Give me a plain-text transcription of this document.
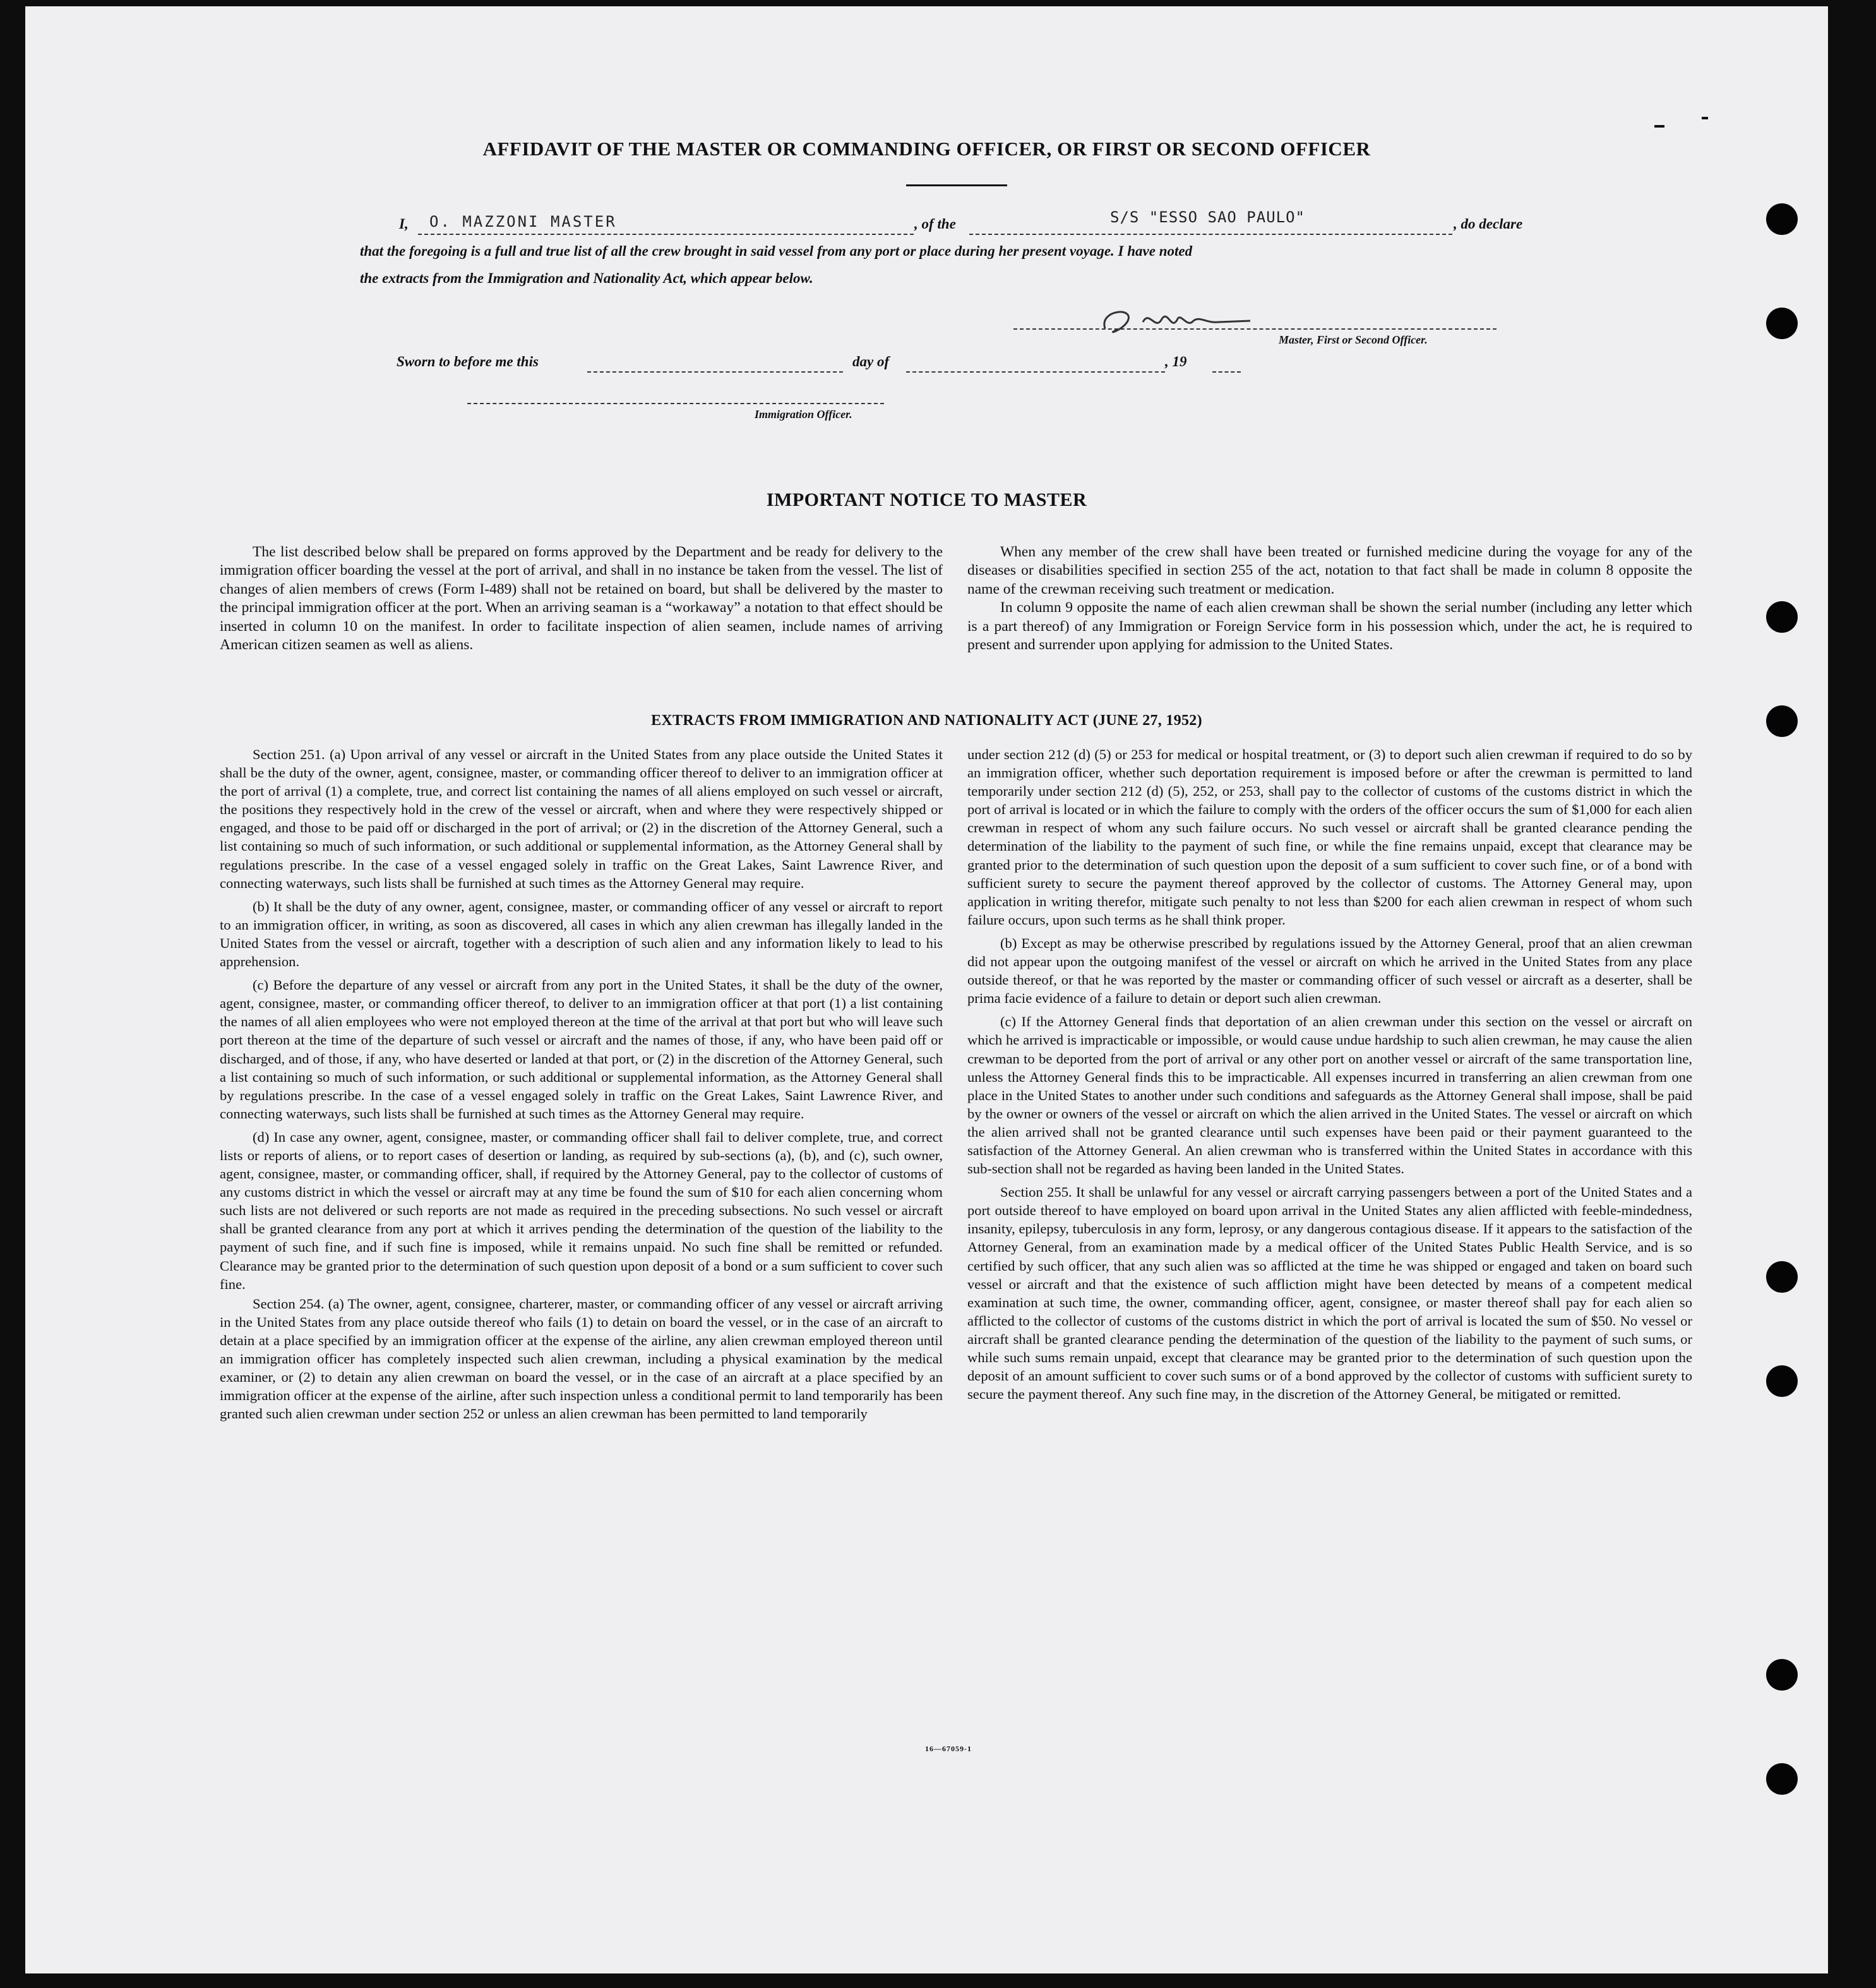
AFFIDAVIT OF THE MASTER OR COMMANDING OFFICER, OR FIRST OR SECOND OFFICER
I, O. MAZZONI MASTER	, of the	S/S "ESSO SAO PAULO"	, do declare
that the foregoing is a full and true list of all the crew brought in said vessel from any port or place during her present voyage. I have noted
the extracts from the Immigration and Nationality Act, which appear below.
Master, First or Second Officer.
Sworn to before me this	day of	, 19
Immigration Officer.
IMPORTANT NOTICE TO MASTER

The list described below shall be prepared on forms approved by the Department and be ready for delivery to the immigration officer boarding the vessel at the port of arrival, and shall in no instance be taken from the vessel. The list of changes of alien members of crews (Form I-489) shall not be retained on board, but shall be delivered by the master to the principal immigration officer at the port. When an arriving seaman is a “workaway” a notation to that effect should be inserted in column 10 on the manifest. In order to facilitate inspection of alien seamen, include names of arriving American citizen seamen as well as aliens.

When any member of the crew shall have been treated or furnished medicine during the voyage for any of the diseases or disabilities specified in section 255 of the act, notation to that fact shall be made in column 8 opposite the name of the crewman receiving such treatment or medication.

In column 9 opposite the name of each alien crewman shall be shown the serial number (including any letter which is a part thereof) of any Immigration or Foreign Service form in his possession which, under the act, he is required to present and surrender upon applying for admission to the United States.

EXTRACTS FROM IMMIGRATION AND NATIONALITY ACT (JUNE 27, 1952)

Section 251. (a) Upon arrival of any vessel or aircraft in the United States from any place outside the United States it shall be the duty of the owner, agent, consignee, master, or commanding officer thereof to deliver to an immigration officer at the port of arrival (1) a complete, true, and correct list containing the names of all aliens employed on such vessel or aircraft, the positions they respectively hold in the crew of the vessel or aircraft, when and where they were respectively shipped or engaged, and those to be paid off or discharged in the port of arrival; or (2) in the discretion of the Attorney General, such a list containing so much of such information, or such additional or supplemental information, as the Attorney General shall by regulations prescribe. In the case of a vessel engaged solely in traffic on the Great Lakes, Saint Lawrence River, and connecting waterways, such lists shall be furnished at such times as the Attorney General may require.

(b) It shall be the duty of any owner, agent, consignee, master, or commanding officer of any vessel or aircraft to report to an immigration officer, in writing, as soon as discovered, all cases in which any alien crewman has illegally landed in the United States from the vessel or aircraft, together with a description of such alien and any information likely to lead to his apprehension.

(c) Before the departure of any vessel or aircraft from any port in the United States, it shall be the duty of the owner, agent, consignee, master, or commanding officer thereof, to deliver to an immigration officer at that port (1) a list containing the names of all alien employees who were not employed thereon at the time of the arrival at that port but who will leave such port thereon at the time of the departure of such vessel or aircraft and the names of those, if any, who have been paid off or discharged, and of those, if any, who have deserted or landed at that port, or (2) in the discretion of the Attorney General, such a list containing so much of such information, or such additional or supplemental information, as the Attorney General shall by regulations prescribe. In the case of a vessel engaged solely in traffic on the Great Lakes, Saint Lawrence River, and connecting waterways, such lists shall be furnished at such times as the Attorney General may require.

(d) In case any owner, agent, consignee, master, or commanding officer shall fail to deliver complete, true, and correct lists or reports of aliens, or to report cases of desertion or landing, as required by sub-sections (a), (b), and (c), such owner, agent, consignee, master, or commanding officer, shall, if required by the Attorney General, pay to the collector of customs of any customs district in which the vessel or aircraft may at any time be found the sum of $10 for each alien concerning whom such lists are not delivered or such reports are not made as required in the preceding subsections. No such vessel or aircraft shall be granted clearance from any port at which it arrives pending the determination of the question of the liability to the payment of such fine, and if such fine is imposed, while it remains unpaid. No such fine shall be remitted or refunded. Clearance may be granted prior to the determination of such question upon deposit of a bond or a sum sufficient to cover such fine.

Section 254. (a) The owner, agent, consignee, charterer, master, or commanding officer of any vessel or aircraft arriving in the United States from any place outside thereof who fails (1) to detain on board the vessel, or in the case of an aircraft to detain at a place specified by an immigration officer at the expense of the airline, any alien crewman employed thereon until an immigration officer has completely inspected such alien crewman, including a physical examination by the medical examiner, or (2) to detain any alien crewman on board the vessel, or in the case of an aircraft at a place specified by an immigration officer at the expense of the airline, after such inspection unless a conditional permit to land temporarily has been granted such alien crewman under section 252 or unless an alien crewman has been permitted to land temporarily

under section 212 (d) (5) or 253 for medical or hospital treatment, or (3) to deport such alien crewman if required to do so by an immigration officer, whether such deportation requirement is imposed before or after the crewman is permitted to land temporarily under section 212 (d) (5), 252, or 253, shall pay to the collector of customs of the customs district in which the port of arrival is located or in which the failure to comply with the orders of the officer occurs the sum of $1,000 for each alien crewman in respect of whom any such failure occurs. No such vessel or aircraft shall be granted clearance pending the determination of the liability to the payment of such fine, or while the fine remains unpaid, except that clearance may be granted prior to the determination of such question upon the deposit of a sum sufficient to cover such fine, or of a bond with sufficient surety to secure the payment thereof approved by the collector of customs. The Attorney General may, upon application in writing therefor, mitigate such penalty to not less than $200 for each alien crewman in respect of whom such failure occurs, upon such terms as he shall think proper.

(b) Except as may be otherwise prescribed by regulations issued by the Attorney General, proof that an alien crewman did not appear upon the outgoing manifest of the vessel or aircraft on which he arrived in the United States from any place outside thereof, or that he was reported by the master or commanding officer of such vessel or aircraft as a deserter, shall be prima facie evidence of a failure to detain or deport such alien crewman.

(c) If the Attorney General finds that deportation of an alien crewman under this section on the vessel or aircraft on which he arrived is impracticable or impossible, or would cause undue hardship to such alien crewman, he may cause the alien crewman to be deported from the port of arrival or any other port on another vessel or aircraft of the same transportation line, unless the Attorney General finds this to be impracticable. All expenses incurred in transferring an alien crewman from one place in the United States to another under such conditions and safeguards as the Attorney General shall impose, shall be paid by the owner or owners of the vessel or aircraft on which the alien arrived in the United States. The vessel or aircraft on which the alien arrived shall not be granted clearance until such expenses have been paid or their payment guaranteed to the satisfaction of the Attorney General. An alien crewman who is transferred within the United States in accordance with this sub-section shall not be regarded as having been landed in the United States.

Section 255. It shall be unlawful for any vessel or aircraft carrying passengers between a port of the United States and a port outside thereof to have employed on board upon arrival in the United States any alien afflicted with feeble-mindedness, insanity, epilepsy, tuberculosis in any form, leprosy, or any dangerous contagious disease. If it appears to the satisfaction of the Attorney General, from an examination made by a medical officer of the United States Public Health Service, and is so certified by such officer, that any such alien was so afflicted at the time he was shipped or engaged and taken on board such vessel or aircraft and that the existence of such affliction might have been detected by means of a competent medical examination at such time, the owner, commanding officer, agent, consignee, or master thereof shall pay for each alien so afflicted to the collector of customs of the customs district in which the port of arrival is located the sum of $50. No vessel or aircraft shall be granted clearance pending the determination of the question of the liability to the payment of such sums, or while such sums remain unpaid, except that clearance may be granted prior to the determination of such question upon the deposit of an amount sufficient to cover such sums or of a bond approved by the collector of customs with sufficient surety to secure the payment thereof. Any such fine may, in the discretion of the Attorney General, be mitigated or remitted.

16—67059-1
